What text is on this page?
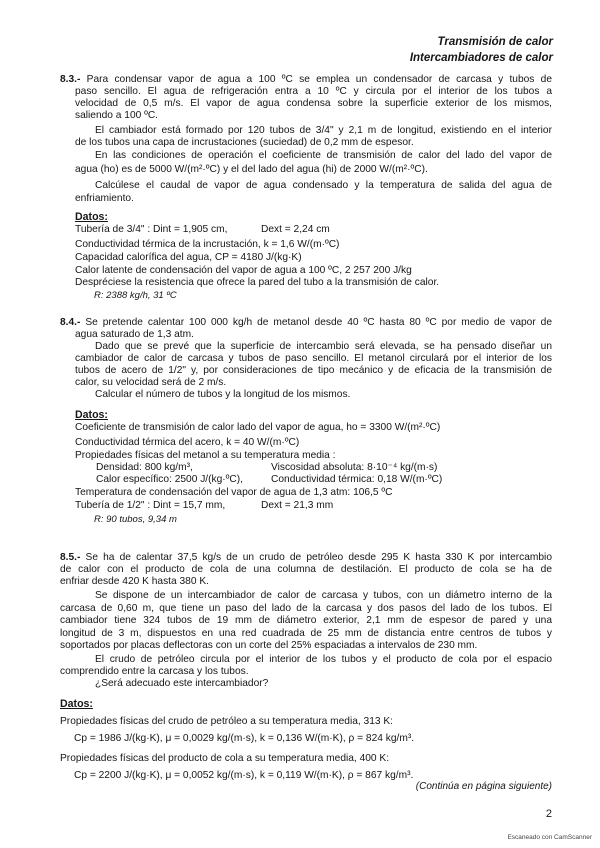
Transmisión de calor
Intercambiadores de calor
8.3.- Para condensar vapor de agua a 100 ºC se emplea un condensador de carcasa y tubos de
paso sencillo. El agua de refrigeración entra a 10 ºC y circula por el interior de los tubos a
velocidad de 0,5 m/s. El vapor de agua condensa sobre la superficie exterior de los mismos,
saliendo a 100 ºC.
El cambiador está formado por 120 tubos de 3/4" y 2,1 m de longitud, existiendo en el interior
de los tubos una capa de incrustaciones (suciedad) de 0,2 mm de espesor.
En las condiciones de operación el coeficiente de transmisión de calor del lado del vapor de
agua (ho) es de 5000 W/(m²·ºC) y el del lado del agua (hi) de 2000 W/(m²·ºC).
Calcúlese el caudal de vapor de agua condensado y la temperatura de salida del agua de
enfriamiento.
Datos:
Tubería de 3/4" : Dint = 1,905 cm,	Dext = 2,24 cm
Conductividad térmica de la incrustación, k = 1,6 W/(m·ºC)
Capacidad calorífica del agua, CP = 4180 J/(kg·K)
Calor latente de condensación del vapor de agua a 100 ºC, 2 257 200 J/kg
Despréciese la resistencia que ofrece la pared del tubo a la transmisión de calor.
R: 2388 kg/h, 31 ºC
8.4.- Se pretende calentar 100 000 kg/h de metanol desde 40 ºC hasta 80 ºC por medio de vapor de
agua saturado de 1,3 atm.
Dado que se prevé que la superficie de intercambio será elevada, se ha pensado diseñar un
cambiador de calor de carcasa y tubos de paso sencillo. El metanol circulará por el interior de los
tubos de acero de 1/2" y, por consideraciones de tipo mecánico y de eficacia de la transmisión de
calor, su velocidad será de 2 m/s.
Calcular el número de tubos y la longitud de los mismos.
Datos:
Coeficiente de transmisión de calor lado del vapor de agua, ho = 3300 W/(m²·ºC)
Conductividad térmica del acero, k = 40 W/(m·ºC)
Propiedades físicas del metanol a su temperatura media :
Densidad: 800 kg/m³,	Viscosidad absoluta: 8·10⁻⁴ kg/(m·s)
Calor específico: 2500 J/(kg·ºC),	Conductividad térmica: 0,18 W/(m·ºC)
Temperatura de condensación del vapor de agua de 1,3 atm: 106,5 ºC
Tubería de 1/2" : Dint = 15,7 mm,	Dext = 21,3 mm
R: 90 tubos, 9,34 m
8.5.- Se ha de calentar 37,5 kg/s de un crudo de petróleo desde 295 K hasta 330 K por intercambio
de calor con el producto de cola de una columna de destilación. El producto de cola se ha de
enfriar desde 420 K hasta 380 K.
Se dispone de un intercambiador de calor de carcasa y tubos, con un diámetro interno de la
carcasa de 0,60 m, que tiene un paso del lado de la carcasa y dos pasos del lado de los tubos. El
cambiador tiene 324 tubos de 19 mm de diámetro exterior, 2,1 mm de espesor de pared y una
longitud de 3 m, dispuestos en una red cuadrada de 25 mm de distancia entre centros de tubos y
soportados por placas deflectoras con un corte del 25% espaciadas a intervalos de 230 mm.
El crudo de petróleo circula por el interior de los tubos y el producto de cola por el espacio
comprendido entre la carcasa y los tubos.
¿Será adecuado este intercambiador?
Datos:
Propiedades físicas del crudo de petróleo a su temperatura media, 313 K:
Cp = 1986 J/(kg·K), μ = 0,0029 kg/(m·s), k = 0,136 W/(m·K), ρ = 824 kg/m³.
Propiedades físicas del producto de cola a su temperatura media, 400 K:
Cp = 2200 J/(kg·K), μ = 0,0052 kg/(m·s), k = 0,119 W/(m·K), ρ = 867 kg/m³.
(Continúa en página siguiente)
2
Escaneado con CamScanner
